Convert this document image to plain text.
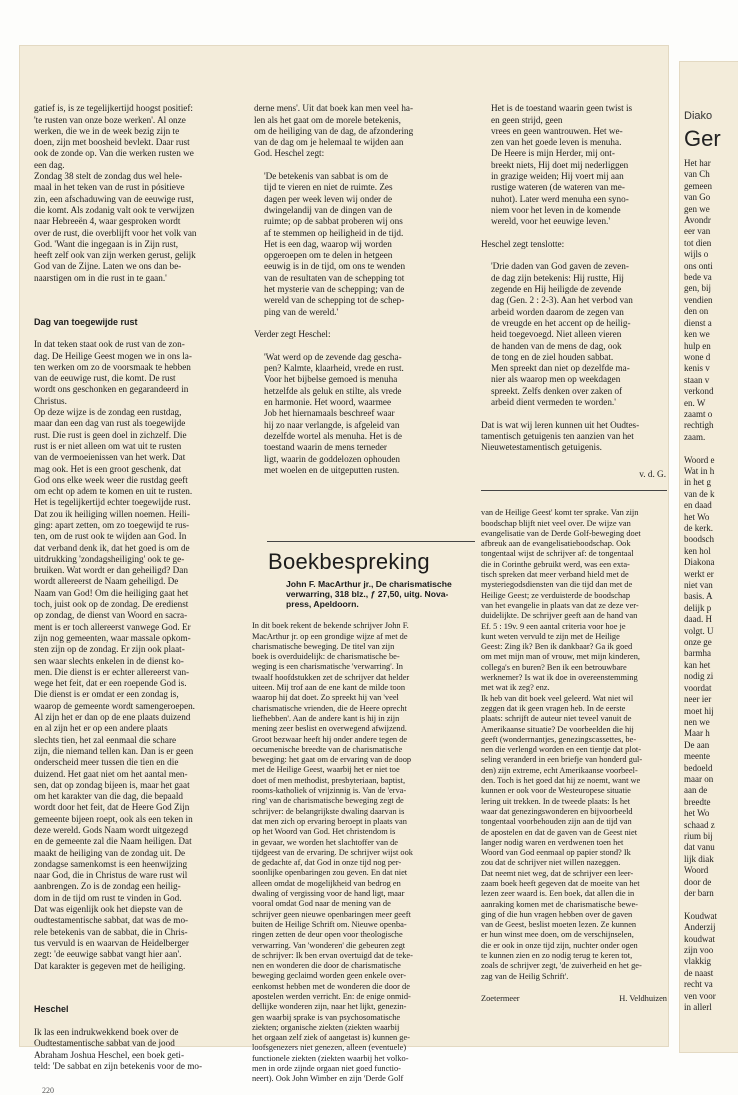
gatief is, is ze tegelijkertijd hoogst positief:
'te rusten van onze boze werken'. Al onze
werken, die we in de week bezig zijn te
doen, zijn met boosheid bevlekt. Daar rust
ook de zonde op. Van die werken rusten we
een dag.
Zondag 38 stelt de zondag dus wel hele-
maal in het teken van de rust in pósitieve
zin, een afschaduwing van de eeuwige rust,
die komt. Als zodanig valt ook te verwijzen
naar Hebreeën 4, waar gesproken wordt
over de rust, die overblijft voor het volk van
God. 'Want die ingegaan is in Zijn rust,
heeft zelf ook van zijn werken gerust, gelijk
God van de Zijne. Laten we ons dan be-
naarstigen om in die rust in te gaan.'

Dag van toegewijde rust

In dat teken staat ook de rust van de zon-
dag. De Heilige Geest mogen we in ons la-
ten werken om zo de voorsmaak te hebben
van de eeuwige rust, die komt. De rust
wordt ons geschonken en gegarandeerd in
Christus.
Op deze wijze is de zondag een rustdag,
maar dan een dag van rust als toegewijde
rust. Die rust is geen doel in zichzelf. Die
rust is er niet alleen om wat uit te rusten
van de vermoeienissen van het werk. Dat
mag ook. Het is een groot geschenk, dat
God ons elke week weer die rustdag geeft
om echt op adem te komen en uit te rusten.
Het is tegelijkertijd echter toegewijde rust.
Dat zou ik heiliging willen noemen. Heili-
ging: apart zetten, om zo toegewijd te rus-
ten, om de rust ook te wijden aan God. In
dat verband denk ik, dat het goed is om de
uitdrukking 'zondagsheiliging' ook te ge-
bruiken. Wat wordt er dan geheiligd? Dan
wordt allereerst de Naam geheiligd. De
Naam van God! Om die heiliging gaat het
toch, juist ook op de zondag. De eredienst
op zondag, de dienst van Woord en sacra-
ment is er toch allereerst vanwege God. Er
zijn nog gemeenten, waar massale opkom-
sten zijn op de zondag. Er zijn ook plaat-
sen waar slechts enkelen in de dienst ko-
men. Die dienst is er echter allereerst van-
wege het feit, dat er een roepende God is.
Die dienst is er omdat er een zondag is,
waarop de gemeente wordt samengeroepen.
Al zijn het er dan op de ene plaats duizend
en al zijn het er op een andere plaats
slechts tien, het zal eenmaal die schare
zijn, die niemand tellen kan. Dan is er geen
onderscheid meer tussen die tien en die
duizend. Het gaat niet om het aantal men-
sen, dat op zondag bijeen is, maar het gaat
om het karakter van die dag, die bepaald
wordt door het feit, dat de Heere God Zijn
gemeente bijeen roept, ook als een teken in
deze wereld. Gods Naam wordt uitgezegd
en de gemeente zal die Naam heiligen. Dat
maakt de heiliging van de zondag uit. De
zondagse samenkomst is een heenwijzing
naar God, die in Christus de ware rust wil
aanbrengen. Zo is de zondag een heilig-
dom in de tijd om rust te vinden in God.
Dat was eigenlijk ook het diepste van de
oudtestamentische sabbat, dat was de mo-
rele betekenis van de sabbat, die in Chris-
tus vervuld is en waarvan de Heidelberger
zegt: 'de eeuwige sabbat vangt hier aan'.
Dat karakter is gegeven met de heiliging.

Heschel

Ik las een indrukwekkend boek over de
Oudtestamentische sabbat van de jood
Abraham Joshua Heschel, een boek geti-
teld: 'De sabbat en zijn betekenis voor de mo-

derne mens'. Uit dat boek kan men veel ha-
len als het gaat om de morele betekenis,
om de heiliging van de dag, de afzondering
van de dag om je helemaal te wijden aan
God. Heschel zegt:

'De betekenis van sabbat is om de
tijd te vieren en niet de ruimte. Zes
dagen per week leven wij onder de
dwingelandij van de dingen van de
ruimte; op de sabbat proberen wij ons
af te stemmen op heiligheid in de tijd.
Het is een dag, waarop wij worden
opgeroepen om te delen in hetgeen
eeuwig is in de tijd, om ons te wenden
van de resultaten van de schepping tot
het mysterie van de schepping; van de
wereld van de schepping tot de schep-
ping van de wereld.'

Verder zegt Heschel:

'Wat werd op de zevende dag gescha-
pen? Kalmte, klaarheid, vrede en rust.
Voor het bijbelse gemoed is menuha
hetzelfde als geluk en stilte, als vrede
en harmonie. Het woord, waarmee
Job het hiernamaals beschreef waar
hij zo naar verlangde, is afgeleid van
dezelfde wortel als menuha. Het is de
toestand waarin de mens terneder
ligt, waarin de goddelozen ophouden
met woelen en de uitgeputten rusten.

Het is de toestand waarin geen twist is
en geen strijd, geen
vrees en geen wantrouwen. Het we-
zen van het goede leven is menuha.
De Heere is mijn Herder, mij ont-
breekt niets, Hij doet mij nederliggen
in grazige weiden; Hij voert mij aan
rustige wateren (de wateren van me-
nuhot). Later werd menuha een syno-
niem voor het leven in de komende
wereld, voor het eeuwige leven.'

Heschel zegt tenslotte:

'Drie daden van God gaven de zeven-
de dag zijn betekenis: Hij rustte, Hij
zegende en Hij heiligde de zevende
dag (Gen. 2 : 2-3). Aan het verbod van
arbeid worden daarom de zegen van
de vreugde en het accent op de heilig-
heid toegevoegd. Niet alleen vieren
de handen van de mens de dag, ook
de tong en de ziel houden sabbat.
Men spreekt dan niet op dezelfde ma-
nier als waarop men op weekdagen
spreekt. Zelfs denken over zaken of
arbeid dient vermeden te worden.'

Dat is wat wij leren kunnen uit het Oudtes-
tamentisch getuigenis ten aanzien van het
Nieuwetestamentisch getuigenis.

v. d. G.

Boekbespreking
John F. MacArthur jr., De charismatische
verwarring, 318 blz., ƒ 27,50, uitg. Nova-
press, Apeldoorn.

In dit boek rekent de bekende schrijver John F.
MacArthur jr. op een grondige wijze af met de
charismatische beweging. De titel van zijn
boek is overduidelijk: de charismatische be-
weging is een charismatische 'verwarring'. In
twaalf hoofdstukken zet de schrijver dat helder
uiteen. Mij trof aan de ene kant de milde toon
waarop hij dat doet. Zo spreekt hij van 'veel
charismatische vrienden, die de Heere oprecht
liefhebben'. Aan de andere kant is hij in zijn
mening zeer beslist en overwegend afwijzend.
Groot bezwaar heeft hij onder andere tegen de
oecumenische breedte van de charismatische
beweging: het gaat om de ervaring van de doop
met de Heilige Geest, waarbij het er niet toe
doet of men methodist, presbyteriaan, baptist,
rooms-katholiek of vrijzinnig is. Van de 'erva-
ring' van de charismatische beweging zegt de
schrijver: de belangrijkste dwaling daarvan is
dat men zich op ervaring beroept in plaats van
op het Woord van God. Het christendom is
in gevaar, we worden het slachtoffer van de
tijdgeest van de ervaring. De schrijver wijst ook
de gedachte af, dat God in onze tijd nog per-
soonlijke openbaringen zou geven. En dat niet
alleen omdat de mogelijkheid van bedrog en
dwaling of vergissing voor de hand ligt, maar
vooral omdat God naar de mening van de
schrijver geen nieuwe openbaringen meer geeft
buiten de Heilige Schrift om. Nieuwe openba-
ringen zetten de deur open voor theologische
verwarring. Van 'wonderen' die gebeuren zegt
de schrijver: Ik ben ervan overtuigd dat de teke-
nen en wonderen die door de charismatische
beweging geclaimd worden geen enkele over-
eenkomst hebben met de wonderen die door de
apostelen werden verricht. En: de enige onmid-
dellijke wonderen zijn, naar het lijkt, genezin-
gen waarbij sprake is van psychosomatische
ziekten; organische ziekten (ziekten waarbij
het orgaan zelf ziek of aangetast is) kunnen ge-
loofsgenezers niet genezen, alleen (eventuele)
functionele ziekten (ziekten waarbij het volko-
men in orde zijnde orgaan niet goed functio-
neert). Ook John Wimber en zijn 'Derde Golf

van de Heilige Geest' komt ter sprake. Van zijn
boodschap blijft niet veel over. De wijze van
evangelisatie van de Derde Golf-beweging doet
afbreuk aan de evangelisatieboodschap. Ook
tongentaal wijst de schrijver af: de tongentaal
die in Corinthe gebruikt werd, was een exta-
tisch spreken dat meer verband hield met de
mysteriegodsdiensten van die tijd dan met de
Heilige Geest; ze verduisterde de boodschap
van het evangelie in plaats van dat ze deze ver-
duidelijkte. De schrijver geeft aan de hand van
Ef. 5 : 19v. 9 een aantal criteria voor hoe je
kunt weten vervuld te zijn met de Heilige
Geest: Zing ik? Ben ik dankbaar? Ga ik goed
om met mijn man of vrouw, met mijn kinderen,
collega's en buren? Ben ik een betrouwbare
werknemer? Is wat ik doe in overeenstemming
met wat ik zeg? enz.
Ik heb van dit boek veel geleerd. Wat niet wil
zeggen dat ik geen vragen heb. In de eerste
plaats: schrijft de auteur niet teveel vanuit de
Amerikaanse situatie? De voorbeelden die hij
geeft (wonderrnantjes, genezingscassettes, be-
nen die verlengd worden en een tientje dat plot-
seling veranderd in een briefje van honderd gul-
den) zijn extreme, echt Amerikaanse voorbeel-
den. Toch is het goed dat hij ze noemt, want we
kunnen er ook voor de Westeuropese situatie
lering uit trekken. In de tweede plaats: Is het
waar dat genezingswonderen en bijvoorbeeld
tongentaal voorbehouden zijn aan de tijd van
de apostelen en dat de gaven van de Geest niet
langer nodig waren en verdwenen toen het
Woord van God eenmaal op papier stond? Ik
zou dat de schrijver niet willen nazeggen.
Dat neemt niet weg, dat de schrijver een leer-
zaam boek heeft gegeven dat de moeite van het
lezen zeer waard is. Een boek, dat allen die in
aanraking komen met de charismatische bewe-
ging of die hun vragen hebben over de gaven
van de Geest, beslist moeten lezen. Ze kunnen
er hun winst mee doen, om de verschijnselen,
die er ook in onze tijd zijn, nuchter onder ogen
te kunnen zien en zo nodig terug te keren tot,
zoals de schrijver zegt, 'de zuiverheid en het ge-
zag van de Heilig Schrift'.

Zoetermeer	H. Veldhuizen

220
Diako
Ger
Het har
van Ch
gemeen
van Go
gen we
Avondr
eer van
tot dien
wijls o
ons onti
bede va
gen, bij
vendien
den on
dienst a
ken we
hulp en
wone d
kenis v
staan v
verkond
en. W
zaamt o
rechtigh
zaam.

Woord e
Wat in h
in het g
van de k
en daad
het Wo
de kerk.
boodsch
ken hol
Diakona
werkt er
niet van
basis. A
delijk p
daad. H
volgt. U
onze ge
barmha
kan het
nodig zi
voordat
neer ier
moet hij
nen we
Maar h
De aan
meente
bedoeld
maar on
aan de
breedte
het Wo
schaad z
rium bij
dat vanu
lijk diak
Woord
door de
der barn

Koudwat
Anderzij
koudwat
zijn voo
vlakkig
de naast
recht va
ven voor
in allerl
